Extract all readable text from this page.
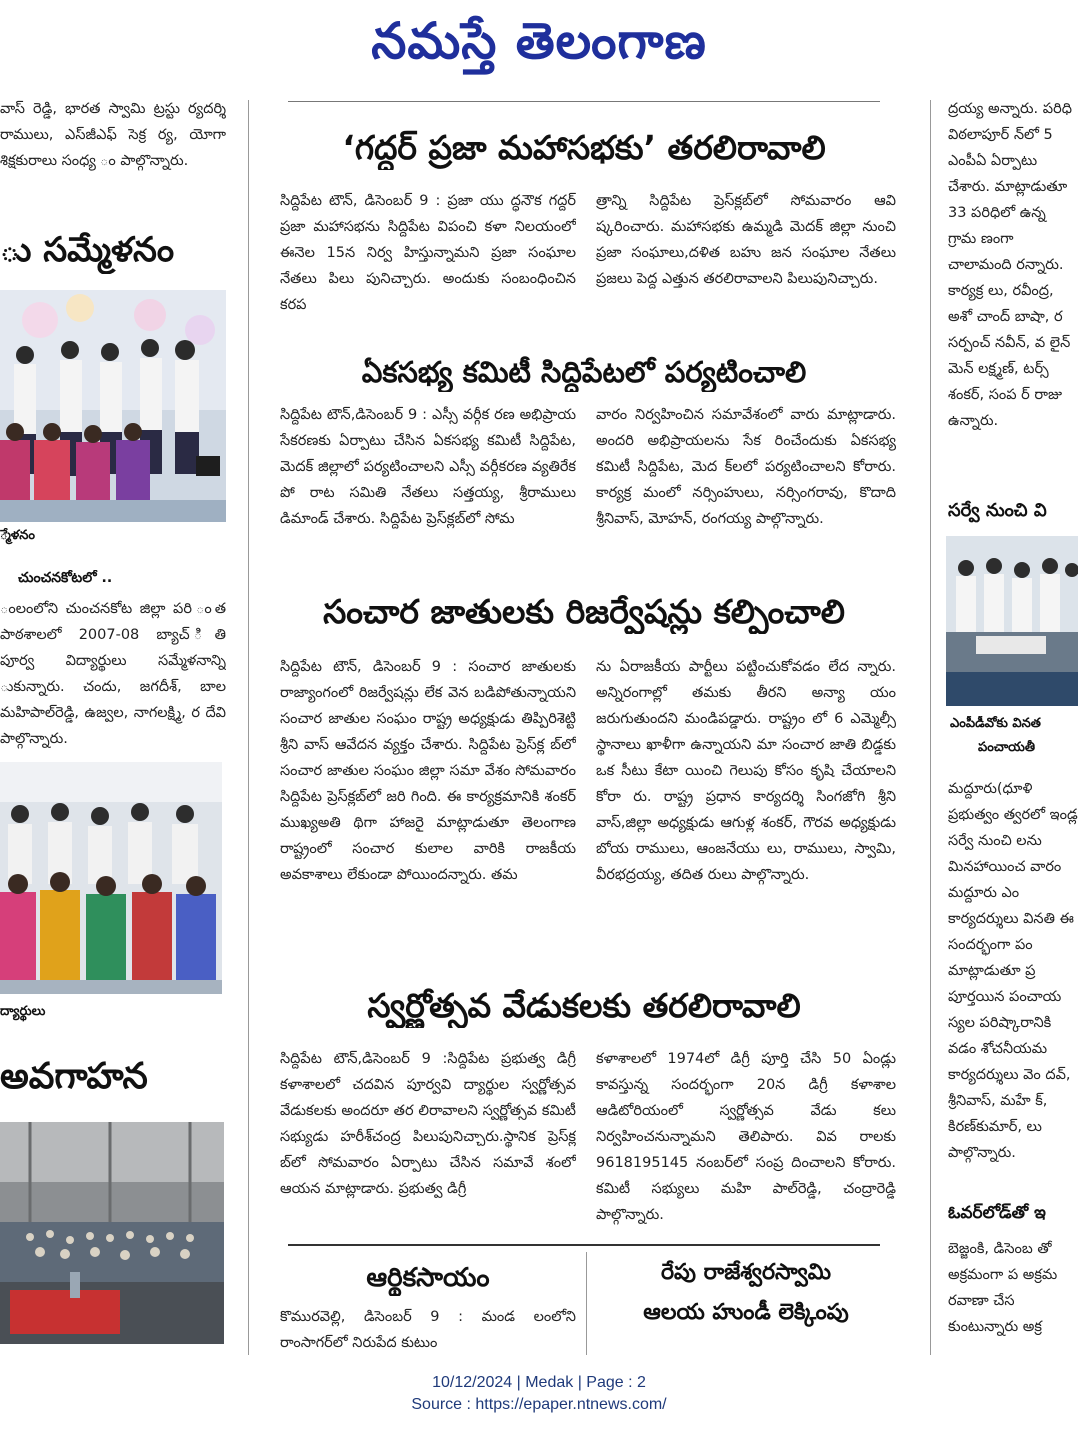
నమస్తే తెలంగాణ

వాస్ రెడ్డి, భారత స్వామి ట్రస్టు ర్యదర్శి రాములు, ఎస్‌జీఎఫ్ సెక్ర ర్య, యోగా శిక్షకురాలు సంధ్య ం పాల్గొన్నారు.

ు సమ్మేళనం
్మేళనం
చుంచనకోటలో ..

ంలంలోని చుంచనకోట జిల్లా పరి ంత పాఠశాలలో 2007-08 బ్యాచ్ ితి పూర్వ విద్యార్థులు సమ్మేళనాన్ని ుకున్నారు. చందు, జగదీశ్, బాల మహిపాల్‌రెడ్డి, ఉజ్వల, నాగలక్ష్మి, ర దేవి పాల్గొన్నారు.

ద్యార్థులు
అవగాహన
‘గద్దర్ ప్రజా మహాసభకు’ తరలిరావాలి

సిద్దిపేట టౌన్, డిసెంబర్ 9 : ప్రజా యు ద్ధనౌక గద్దర్ ప్రజా మహాసభను సిద్దిపేట విపంచి కళా నిలయంలో ఈనెల 15న నిర్వ హిస్తున్నామని ప్రజా సంఘాల నేతలు పిలు పునిచ్చారు. అందుకు సంబంధించిన కరప

త్రాన్ని సిద్దిపేట ప్రెస్‌క్లబ్‌లో సోమవారం ఆవి ష్కరించారు. మహాసభకు ఉమ్మడి మెదక్ జిల్లా నుంచి ప్రజా సంఘాలు,దళిత బహు జన సంఘాల నేతలు ప్రజలు పెద్ద ఎత్తున తరలిరావాలని పిలుపునిచ్చారు.

ఏకసభ్య కమిటీ సిద్దిపేటలో పర్యటించాలి

సిద్దిపేట టౌన్,డిసెంబర్ 9 : ఎస్సీ వర్గీక రణ అభిప్రాయ సేకరణకు ఏర్పాటు చేసిన ఏకసభ్య కమిటీ సిద్దిపేట, మెదక్ జిల్లాలో పర్యటించాలని ఎస్సీ వర్గీకరణ వ్యతిరేక పో రాట సమితి నేతలు సత్తయ్య, శ్రీరాములు డిమాండ్ చేశారు. సిద్దిపేట ప్రెస్‌క్లబ్‌లో సోమ

వారం నిర్వహించిన సమావేశంలో వారు మాట్లాడారు. అందరి అభిప్రాయలను సేక రించేందుకు ఏకసభ్య కమిటీ సిద్దిపేట, మెద క్‌లలో పర్యటించాలని కోరారు. కార్యక్ర మంలో నర్సింహులు, నర్సింగరావు, కొదాది శ్రీనివాస్, మోహన్, రంగయ్య పాల్గొన్నారు.

సంచార జాతులకు రిజర్వేషన్లు కల్పించాలి

సిద్దిపేట టౌన్, డిసెంబర్ 9 : సంచార జాతులకు రాజ్యాంగంలో రిజర్వేషన్లు లేక వెన బడిపోతున్నాయని సంచార జాతుల సంఘం రాష్ట్ర అధ్యక్షుడు తిప్పిరిశెట్టి శ్రీని వాస్ ఆవేదన వ్యక్తం చేశారు. సిద్దిపేట ప్రెస్‌క్ల బ్‌లో సంచార జాతుల సంఘం జిల్లా సమా వేశం సోమవారం సిద్దిపేట ప్రెస్‌క్లబ్‌లో జరి గింది. ఈ కార్యక్రమానికి శంకర్ ముఖ్యఅతి థిగా హాజరై మాట్లాడుతూ తెలంగాణ రాష్ట్రంలో సంచార కులాల వారికి రాజకీయ అవకాశాలు లేకుండా పోయిందన్నారు. తమ

ను ఏరాజకీయ పార్టీలు పట్టించుకోవడం లేద న్నారు. అన్నిరంగాల్లో తమకు తీరని అన్యా యం జరుగుతుందని మండిపడ్డారు. రాష్ట్రం లో 6 ఎమ్మెల్సీ స్థానాలు ఖాళీగా ఉన్నాయని మా సంచార జాతి బిడ్డకు ఒక సీటు కేటా యించి గెలుపు కోసం కృషి చేయాలని కోరా రు. రాష్ట్ర ప్రధాన కార్యదర్శి సింగజోగి శ్రీని వాస్,జిల్లా అధ్యక్షుడు ఆగుళ్ల శంకర్, గౌరవ అధ్యక్షుడు బోయ రాములు, ఆంజనేయు లు, రాములు, స్వామి, వీరభద్రయ్య, తదిత రులు పాల్గొన్నారు.

స్వర్ణోత్సవ వేడుకలకు తరలిరావాలి

సిద్దిపేట టౌన్,డిసెంబర్ 9 :సిద్దిపేట ప్రభుత్వ డిగ్రీ కళాశాలలో చదవిన పూర్వవి ద్యార్థుల స్వర్ణోత్సవ వేడుకలకు అందరూ తర లిరావాలని స్వర్ణోత్సవ కమిటీ సభ్యుడు హరీశ్‌చంద్ర పిలుపునిచ్చారు.స్థానిక ప్రెస్‌క్ల బ్‌లో సోమవారం ఏర్పాటు చేసిన సమావే శంలో ఆయన మాట్లాడారు. ప్రభుత్వ డిగ్రీ

కళాశాలలో 1974లో డిగ్రీ పూర్తి చేసి 50 ఏండ్లు కావస్తున్న సందర్భంగా 20న డిగ్రీ కళాశాల ఆడిటోరియంలో స్వర్ణోత్సవ వేడు కలు నిర్వహించనున్నామని తెలిపారు. వివ రాలకు 9618195145 నంబర్‌లో సంప్ర దించాలని కోరారు. కమిటీ సభ్యులు మహి పాల్‌రెడ్డి, చంద్రారెడ్డి పాల్గొన్నారు.

ఆర్థికసాయం

కొమురవెల్లి, డిసెంబర్ 9 : మండ లంలోని రాంసాగర్‌లో నిరుపేద కుటుం

రేపు రాజేశ్వరస్వామి
ఆలయ హుండీ లెక్కింపు

ద్రయ్య అన్నారు. పరిధి విఠలాపూర్ న్‌లో 5 ఎంపీఏ ఏర్పాటు చేశారు. మాట్లాడుతూ 33 పరిధిలో ఉన్న గ్రామ ణంగా చాలామంది రన్నారు. కార్యక్ర లు, రవీంద్ర, అశో చాంద్ బాషా, ర సర్పంచ్ నవీన్, వ లైన్ మెన్ లక్ష్మణ్, టర్స్ శంకర్, సంప ర్ రాజు ఉన్నారు.

సర్వే నుంచి వి
ఎంపీడీవోకు వినత
పంచాయతీ

మద్దూరు(ధూళి ప్రభుత్వం త్వరలో ఇండ్ల సర్వే నుంచి లను మినహాయించ వారం మద్దూరు ఎం కార్యదర్శులు వినతి ఈ సందర్భంగా పం మాట్లాడుతూ ప్ర పూర్తయిన పంచాయ స్యల పరిష్కారానికి వడం శోచనీయమ కార్యదర్శులు వెం దవ్, శ్రీనివాస్, మహే క్, కిరణ్‌కుమార్, లు పాల్గొన్నారు.

ఓవర్‌లోడ్‌తో ఇ

బెజ్జంకి, డిసెంబ తో అక్రమంగా ప అక్రమ రవాణా చేస కుంటున్నారు అక్ర

10/12/2024 | Medak | Page : 2
Source : https://epaper.ntnews.com/
